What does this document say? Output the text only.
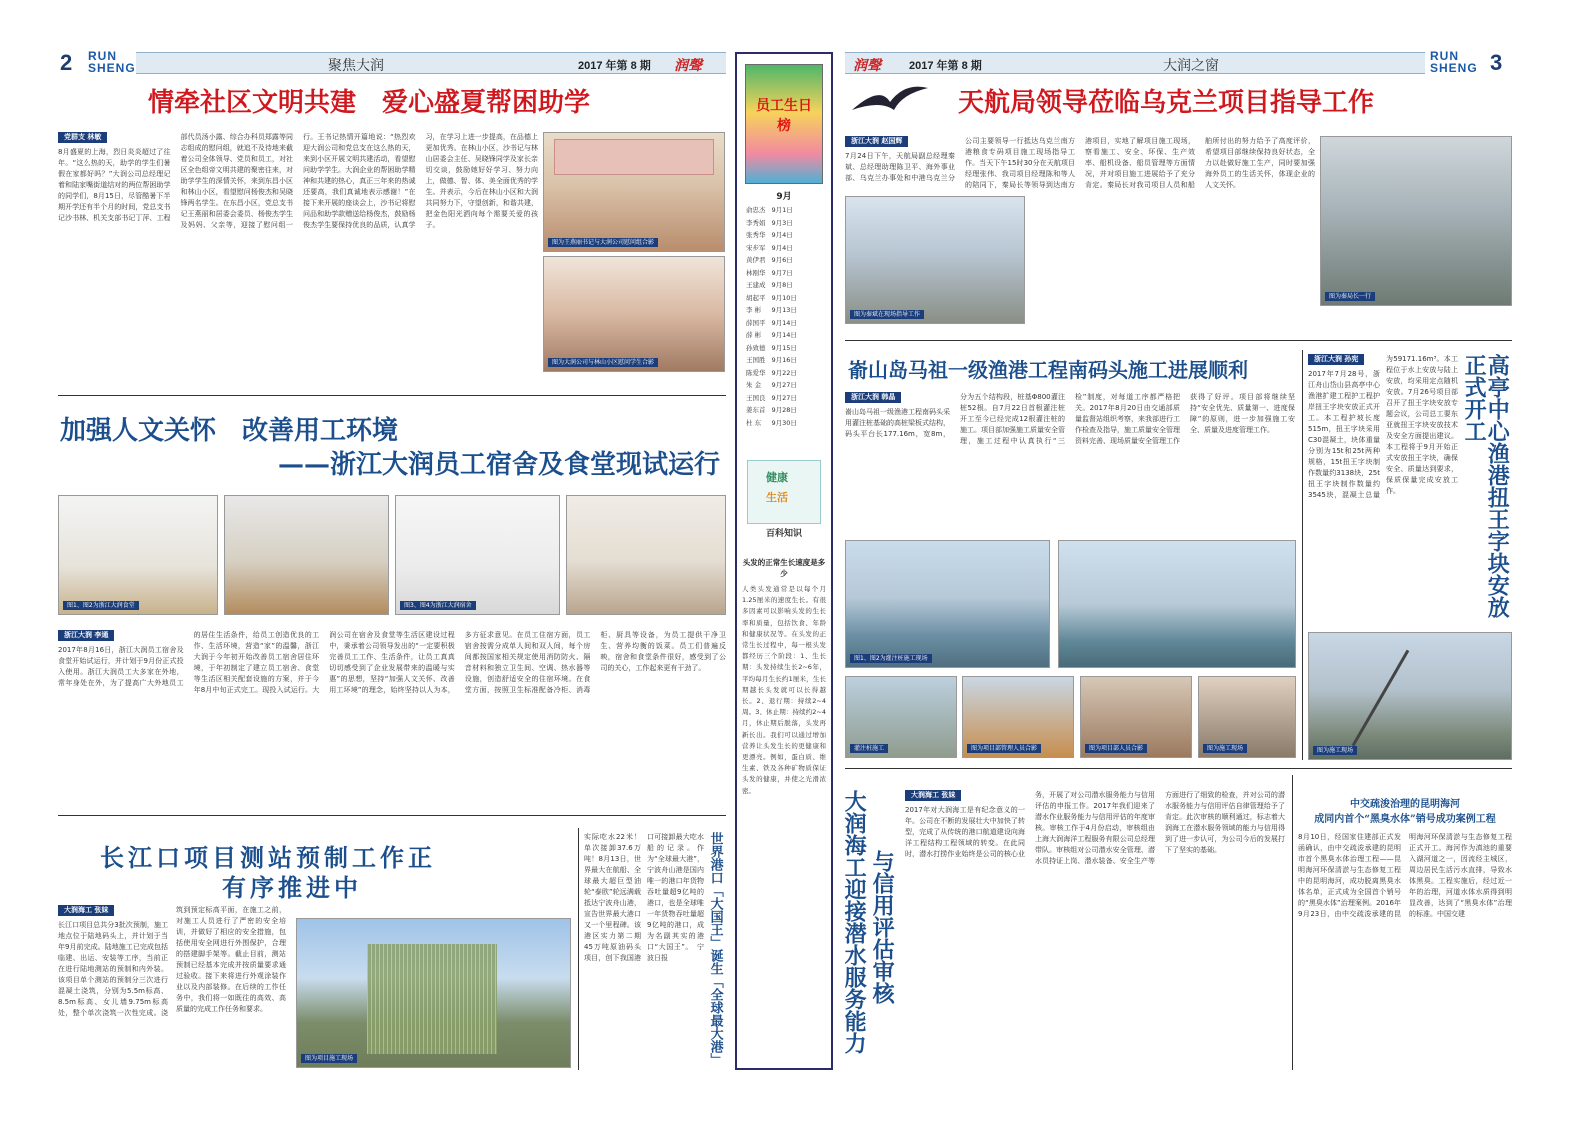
2 RUN
SHENG	聚焦大润	2017 年第 8 期 润聲	润聲	2017 年第 8 期	大润之窗
RUN
SHENG 3
情牵社区文明共建　爱心盛夏帮困助学
党群支 林敏
8月盛夏的上海，烈日炎炎超过了往年。“这么热的天，助学的学生们暑假在家都好吗？”大润公司总经理记着和陆家嘴街道结对的两位帮困助学的同学们，8月15日，尽管酷暑下半期开学还有半个月的时间，党总支书记沙书林、机关支部书记丁萍、工程部代员汤小露、综合办科员郑露等同志组成的慰问组，就追不及待地来截着公司全体领导、党员和员工，对社区全色组帝文明共建的聚密往来，对助学学生的深情关怀，来到东昌小区和林山小区，看望慰问杨俊杰和吴晓锋两名学生。在东昌小区，党总支书记王燕丽和居委会委员、杨俊杰学生及妈妈、父亲等，迎接了慰问组一行。王书记热情开篇地说：“热烈欢迎大润公司和党总支在这么热的天，来到小区开展文明共建活动，看望慰问助学学生。大润企业的帮困助学精神和共建的热心，真正三年来的热诚还要高，我们真诚地表示感谢！”在接下来开展的座谈会上，沙书记将慰问品和助学款赠送给杨俊杰，鼓励杨俊杰学生要保持优良的品质，认真学习，在学习上进一步提高，在品德上更加优秀。在林山小区，沙书记与林山居委会主任、吴晓锋同学及家长亲切交谈，鼓励她好好学习、努力向上，做德、智、体、美全面优秀的学生。并表示，今后在林山小区和大润共同努力下，守望创新，和谐共建，把金色阳光洒向每个需要关爱的孩子。
图为王燕丽书记与大润公司慰问组合影
图为大润公司与林山小区慰问学生合影
加强人文关怀　改善用工环境
——浙江大润员工宿舍及食堂现试运行
图1、图2为浙江大润食堂	图3、图4为浙江大润宿舍
浙江大润 李通
2017年8月16日，浙江大润员工宿舍及食堂开始试运行，并计划于9月份正式投入使用。浙江大润员工大多家在外地，常年身处在外，为了提高广大外地员工的居住生活条件，给员工创造优良的工作、生活环境，营造“家”的温馨，浙江大润于今年初开始改善员工宿舍居住环境，于年初制定了建立员工宿舍、食堂等生活区相关配套设施的方案，并于今年8月中旬正式完工。现投入试运行。大润公司在宿舍及食堂等生活区建设过程中，秉承着公司领导发出的“一定要积极完善员工工作、生活条件，让员工真真切切感受到了企业发展带来的温暖与实惠”的思想，坚持“加强人文关怀、改善用工环境”的理念，始终坚持以人为本，多方征求意见。在员工住宿方面，员工宿舍按需分成单人间和双人间，每个房间都按国家相关规定使用消防防火、隔音材料和独立卫生间、空调、热水器等设施，创造舒适安全的住宿环境。在食堂方面，按照卫生标准配备冷柜、消毒柜、厨具等设备，为员工提供干净卫生、营养均衡的饭菜。员工们普遍反映，宿舍和食堂条件很好，感受到了公司的关心，工作起来更有干劲了。
长江口项目测站预制工作正
有序推进中
大润海工 张妹
长江口项目总共分3批次预制，施工地点位于陆地码头上，并计划于当年9月前完成。陆地施工已完成包括临建、出运、安装等工序，当前正在进行陆地测站的预制和内外装。该项目单个测站的预制分三次进行混凝土浇筑，分别为5.5m标高、8.5m标高、女儿墙9.75m标高处，整个单次浇筑一次性完成。浇筑到预定标高平面，在施工之前，对施工人员进行了严密的安全培训，并做好了相应的安全措施，包括使用安全网进行外围保护，合理的搭建脚手架等。截止目前，测站预制已经基本完成并按质量要求通过验收。接下来将进行外观涂装作业以及内部装修。在后续的工作任务中，我们将一如既往的高效、高质量的完成工作任务和要求。
图为项目施工现场
实际吃水22米！单次接卸37.6万吨！8月13日，世界最大在航船、全球最大超巨型油轮“泰欧”轮远满载抵达宁波舟山港，宣告世界最大港口又一个里程碑。该港区实力第二期45万吨原油码头项目，创下我国港口可接卸最大吃水船的记录。作为“全球最大港”，宁波舟山港是国内唯一的港口年货物吞吐量超9亿吨的港口，也是全球唯一年货物吞吐量超9亿吨的港口，成为名副其实的港口“大国王”。　宁波日报	世界港口「大国王」诞生「全球最大港」
员工生日榜
9月
俞忠杰	9月1日
李秀娟	9月3日
张秀华	9月4日
宋步军	9月4日
黄伊君	9月6日
林刚华	9月7日
王建成	9月8日
胡起平	9月10日
李 彬	9月13日
薛国平	9月14日
薛 彬	9月14日
孙致德	9月15日
王国胜	9月16日
陈爱华	9月22日
朱 金	9月27日
王国良	9月27日
姜东首	9月28日
杜 东	9月30日
健康
生活
百科知识
头发的正常生长速度是多少
人类头发通常是以每个月1.25厘米的速度生长。有很多因素可以影响头发的生长率和质量，包括饮食、年龄和健康状况等。在头发的正常生长过程中，每一根头发都经历三个阶段：1、生长期：头发持续生长2~6年，平均每月生长约1厘米，生长期越长头发就可以长得越长。2、退行期：持续2~4周。3、休止期：持续约2~4月，休止期后脱落，头发再新长出。我们可以通过增加营养让头发生长的更健康和更漂亮。例如，蛋白质、维生素、铁及各种矿物质保证头发的健康，并使之光滑浓密。
天航局领导莅临乌克兰项目指导工作
图为秦斌在现场指导工作
浙江大润 赵国辉
7月24日下午，天航局副总经理秦斌、总经理助理陈卫平、海外事业部、乌克兰办事处和中港乌克兰分公司主要领导一行抵达乌克兰南方港粮食专码项目施工现场指导工作。当天下午15时30分在天航项目经理张伟、我司项目经理陈和等人的陪同下，秦局长等领导到达南方港项目，实地了解项目施工现场，察看施工、安全、环保、生产效率、船机设备、船员管理等方面情况，并对项目施工进展给予了充分肯定。秦局长对我司项目人员和船舶所付出的努力给予了高度评价，希望项目部继续保持良好状态，全力以赴做好施工生产，同时要加强海外员工的生活关怀，体现企业的人文关怀。
图为秦局长一行
嵛山岛马祖一级渔港工程南码头施工进展顺利
浙江大润 韩晶
嵛山岛马祖一级渔港工程南码头采用灌注桩基础的高桩梁板式结构，码头平台长177.16m，宽8m，分为五个结构段，桩基Φ800灌注桩52根。自7月22日首根灌注桩开工至今已经完成12根灌注桩的施工。项目部加强施工质量安全管理，施工过程中认真执行“三检”制度，对每道工序都严格把关。2017年8月20日由交通部质量监督站组织考察，来我部进行工作检查及指导，施工质量安全管理资料完善、现场质量安全管理工作获得了好评。项目部将继续坚持“安全优先、质量第一、进度保障”的原则，进一步加强施工安全、质量及进度管理工作。
图1、图2为灌注桩施工现场
灌注桩施工	图为项目部管理人员合影	图为项目部人员合影	图为施工现场
浙江大润 孙宪
2017年7月28号，浙江舟山岱山县高亭中心渔港扩建工程护工程护岸扭王字块安放正式开工。本工程护坡长度515m，扭王字块采用C30混凝土，块体重量分别为15t和25t两种规格，15t扭王字块制作数量约3138块，25t扭王字块制作数量约3545块，混凝土总量为59171.16m³。本工程位于水上安放与陆上安放，均采用定点随机安放。7月26号项目部召开了扭王字块安放专题会议，公司总工要东亚就扭王字块安放技术及安全方面提出建议。本工程将于9月开始正式安放扭王字块，确保安全、质量达到要求，保质保量完成安放工作。	高亭中心渔港扭王字块安放正式开工
图为施工现场
大润海工迎接潜水服务能力 与信用评估审核
大润海工 张妹
2017年对大润海工是有纪念意义的一年。公司在不断的发展壮大中加快了转型，完成了从传统的港口航道建设向海洋工程结构工程领域的转变。在此同时，潜水打捞作业始终是公司的核心业务，开展了对公司潜水服务能力与信用评估的申报工作。2017年我们迎来了潜水作业服务能力与信用评估的年度审核。审核工作于4月份启动，审核组由上海大润海洋工程服务有限公司总经理带队。审核组对公司潜水安全管理、潜水员持证上岗、潜水装备、安全生产等方面进行了细致的检查，并对公司的潜水服务能力与信用评估自律管理给予了肯定。此次审核的顺利通过，标志着大润海工在潜水服务领域的能力与信用得到了进一步认可，为公司今后的发展打下了坚实的基础。
中交疏浚治理的昆明海河
成同内首个“黑臭水体”销号成功案例工程
8月10日，经国家住建部正式发函确认，由中交疏浚承建的昆明市首个黑臭水体治理工程——昆明海河环保清淤与生态修复工程中的昆明海河，成功脱离黑臭水体名单，正式成为全国首个销号的“黑臭水体”治理案例。2016年9月23日，由中交疏浚承建的昆明海河环保清淤与生态修复工程正式开工。海河作为滇池的重要入湖河道之一，因流经主城区，周边居民生活污水直排，导致水体黑臭。工程实施后，经过近一年的治理，河道水体水质得到明显改善，达到了“黑臭水体”治理的标准。中国交建
